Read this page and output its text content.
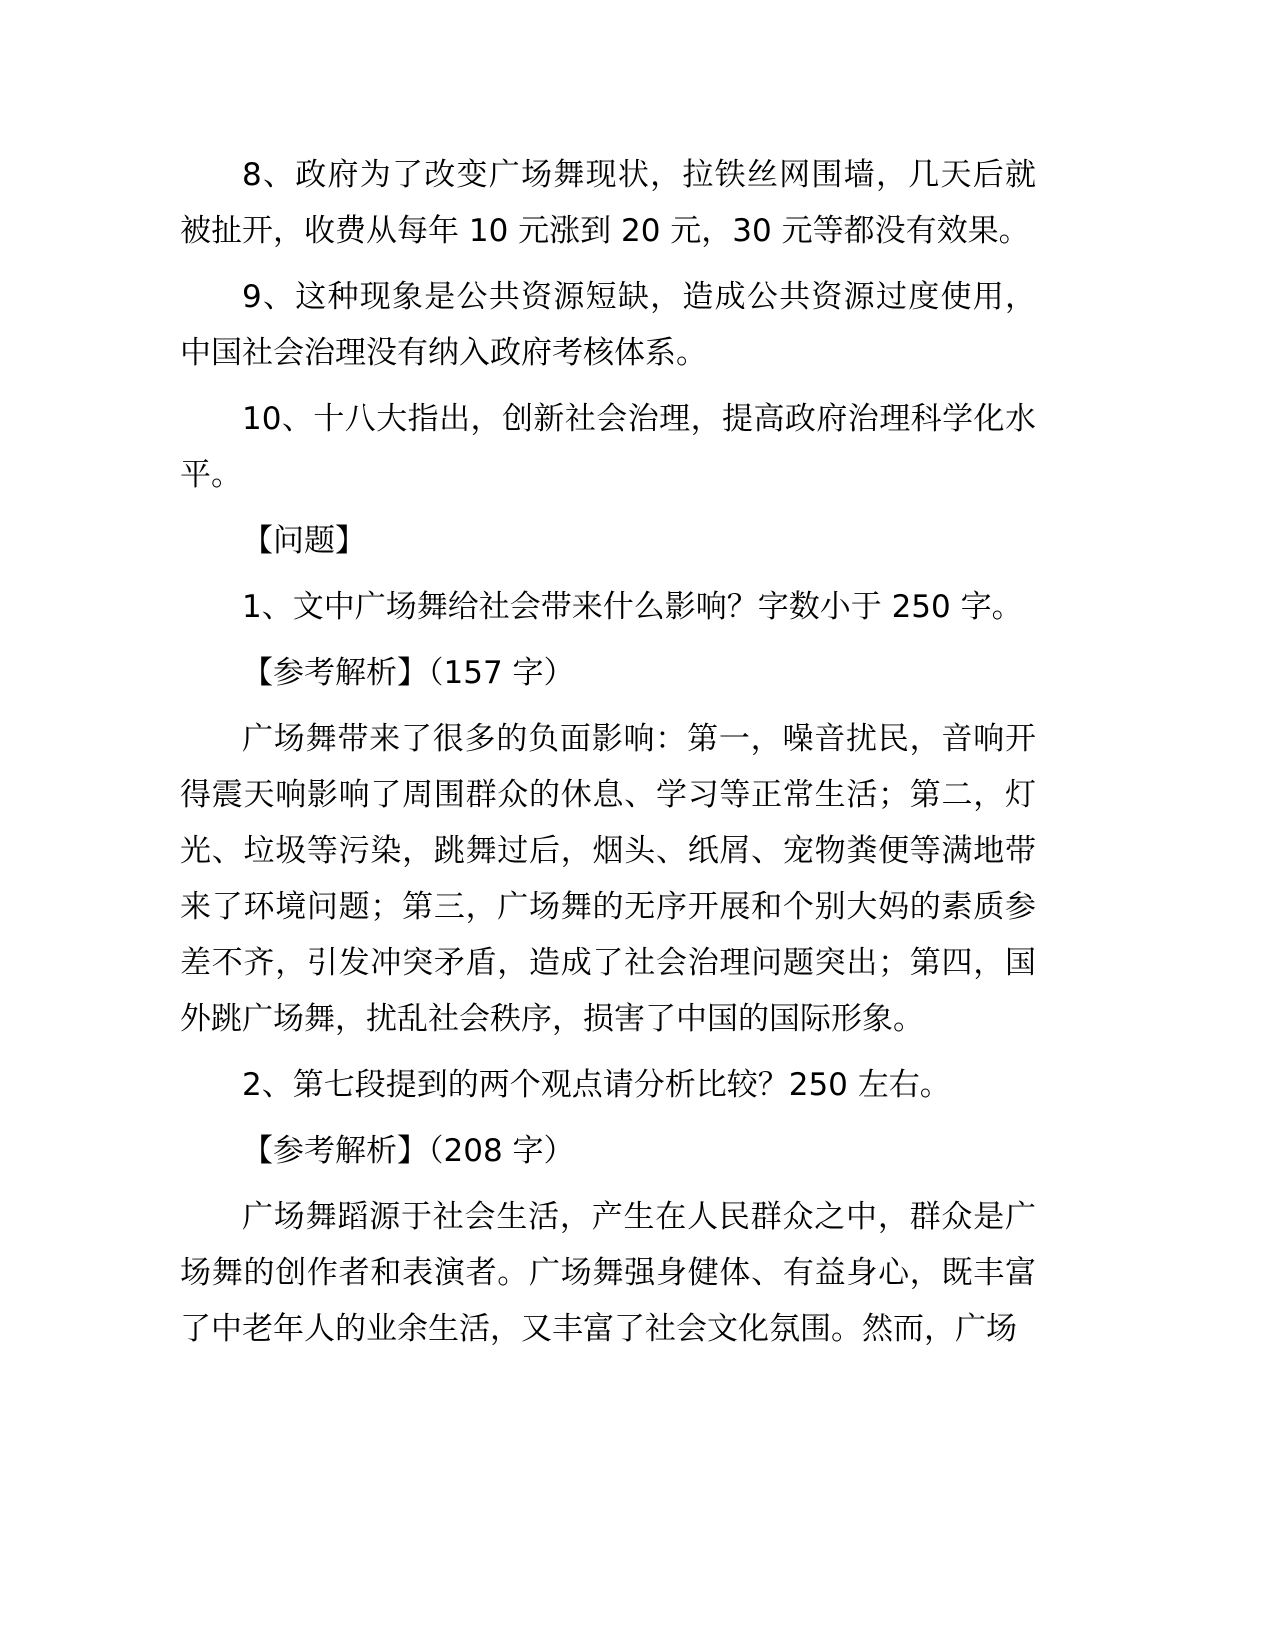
8、政府为了改变广场舞现状，拉铁丝网围墙，几天后就被扯开，收费从每年 10 元涨到 20 元，30 元等都没有效果。

9、这种现象是公共资源短缺，造成公共资源过度使用，中国社会治理没有纳入政府考核体系。

10、十八大指出，创新社会治理，提高政府治理科学化水平。

【问题】

1、文中广场舞给社会带来什么影响？字数小于 250 字。

【参考解析】（157 字）

广场舞带来了很多的负面影响：第一，噪音扰民，音响开得震天响影响了周围群众的休息、学习等正常生活；第二，灯光、垃圾等污染，跳舞过后，烟头、纸屑、宠物粪便等满地带来了环境问题；第三，广场舞的无序开展和个别大妈的素质参差不齐，引发冲突矛盾，造成了社会治理问题突出；第四，国外跳广场舞，扰乱社会秩序，损害了中国的国际形象。

2、第七段提到的两个观点请分析比较？250 左右。

【参考解析】（208 字）

广场舞蹈源于社会生活，产生在人民群众之中，群众是广场舞的创作者和表演者。广场舞强身健体、有益身心，既丰富了中老年人的业余生活，又丰富了社会文化氛围。然而，广场
